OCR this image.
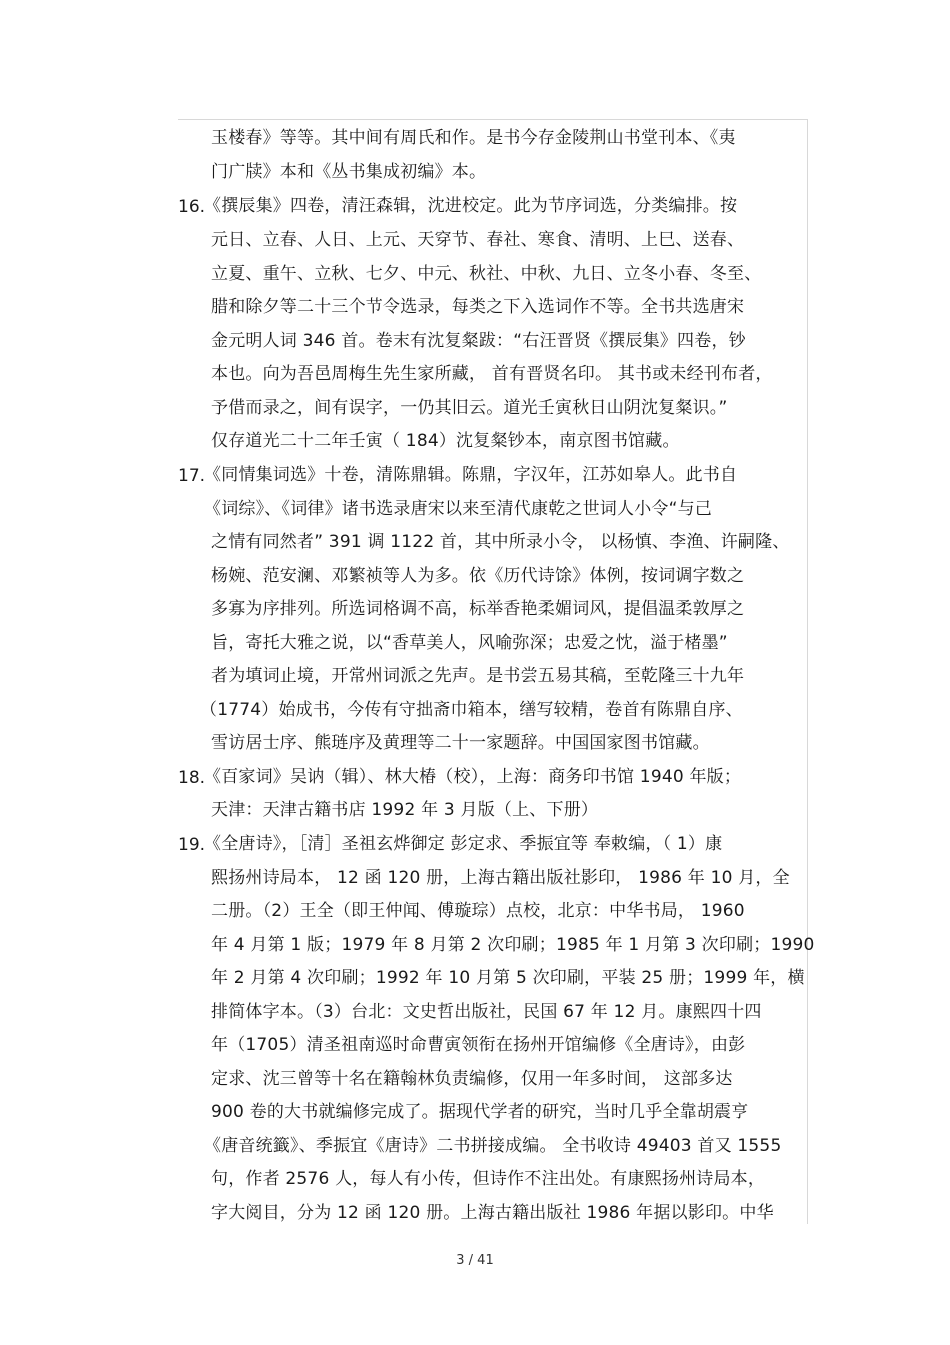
玉楼春》等等。其中间有周氏和作。是书今存金陵荆山书堂刊本、《夷
门广牍》本和《丛书集成初编》本。
16.
《撰辰集》四卷，清汪森辑，沈进校定。此为节序词选，分类编排。按
元日、立春、人日、上元、天穿节、春社、寒食、清明、上巳、送春、
立夏、重午、立秋、七夕、中元、秋社、中秋、九日、立冬小春、冬至、
腊和除夕等二十三个节令选录，每类之下入选词作不等。全书共选唐宋
金元明人词 346 首。卷末有沈复粲跋：“右汪晋贤《撰辰集》四卷，钞
本也。向为吾邑周梅生先生家所藏， 首有晋贤名印。 其书或未经刊布者，
予借而录之，间有误字，一仍其旧云。道光壬寅秋日山阴沈复粲识。”
仅存道光二十二年壬寅（ 184）沈复粲钞本，南京图书馆藏。
17.
《同情集词选》十卷，清陈鼎辑。陈鼎，字汉年，江苏如皋人。此书自
《词综》、《词律》诸书选录唐宋以来至清代康乾之世词人小令“与己
之情有同然者” 391 调 1122 首，其中所录小令， 以杨慎、李渔、许嗣隆、
杨婉、范安澜、邓繁祯等人为多。依《历代诗馀》体例，按词调字数之
多寡为序排列。所选词格调不高，标举香艳柔媚词风，提倡温柔敦厚之
旨，寄托大雅之说，以“香草美人，风喻弥深；忠爱之忱，溢于楮墨”
者为填词止境，开常州词派之先声。是书尝五易其稿，至乾隆三十九年
（1774）始成书，今传有守拙斋巾箱本，缮写较精，卷首有陈鼎自序、
雪访居士序、熊琏序及黄理等二十一家题辞。中国国家图书馆藏。
18.
《百家词》吴讷（辑）、林大椿（校），上海：商务印书馆 1940 年版；
天津：天津古籍书店 1992 年 3 月版（上、下册）
19.
《全唐诗》，［清］圣祖玄烨御定 彭定求、季振宜等 奉敕编，（ 1）康
熙扬州诗局本， 12 函 120 册，上海古籍出版社影印， 1986 年 10 月，全
二册。（2）王全（即王仲闻、傅璇琮）点校，北京：中华书局， 1960
年 4 月第 1 版；1979 年 8 月第 2 次印刷；1985 年 1 月第 3 次印刷；1990
年 2 月第 4 次印刷；1992 年 10 月第 5 次印刷，平装 25 册；1999 年，横
排简体字本。（3）台北：文史哲出版社，民国 67 年 12 月。康熙四十四
年（1705）清圣祖南巡时命曹寅领衔在扬州开馆编修《全唐诗》，由彭
定求、沈三曾等十名在籍翰林负责编修，仅用一年多时间， 这部多达
900 卷的大书就编修完成了。据现代学者的研究，当时几乎全靠胡震亨
《唐音统籤》、季振宜《唐诗》二书拼接成编。 全书收诗 49403 首又 1555
句，作者 2576 人，每人有小传，但诗作不注出处。有康熙扬州诗局本，
字大阅目，分为 12 函 120 册。上海古籍出版社 1986 年据以影印。中华
3 / 41
